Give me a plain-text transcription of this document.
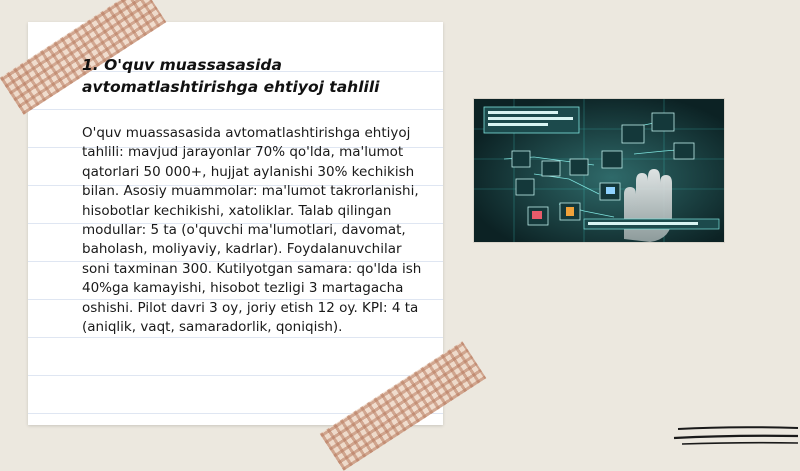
1. O'quv muassasasida avtomatlashtirishga ehtiyoj tahlili

O'quv muassasasida avtomatlashtirishga ehtiyoj tahlili: mavjud jarayonlar 70% qo'lda, ma'lumot qatorlari 50 000+, hujjat aylanishi 30% kechikish bilan. Asosiy muammolar: ma'lumot takrorlanishi, hisobotlar kechikishi, xatoliklar. Talab qilingan modullar: 5 ta (o'quvchi ma'lumotlari, davomat, baholash, moliyaviy, kadrlar). Foydalanuvchilar soni taxminan 300. Kutilyotgan samara: qo'lda ish 40%ga kamayishi, hisobot tezligi 3 martagacha oshishi. Pilot davri 3 oy, joriy etish 12 oy. KPI: 4 ta (aniqlik, vaqt, samaradorlik, qoniqish).
